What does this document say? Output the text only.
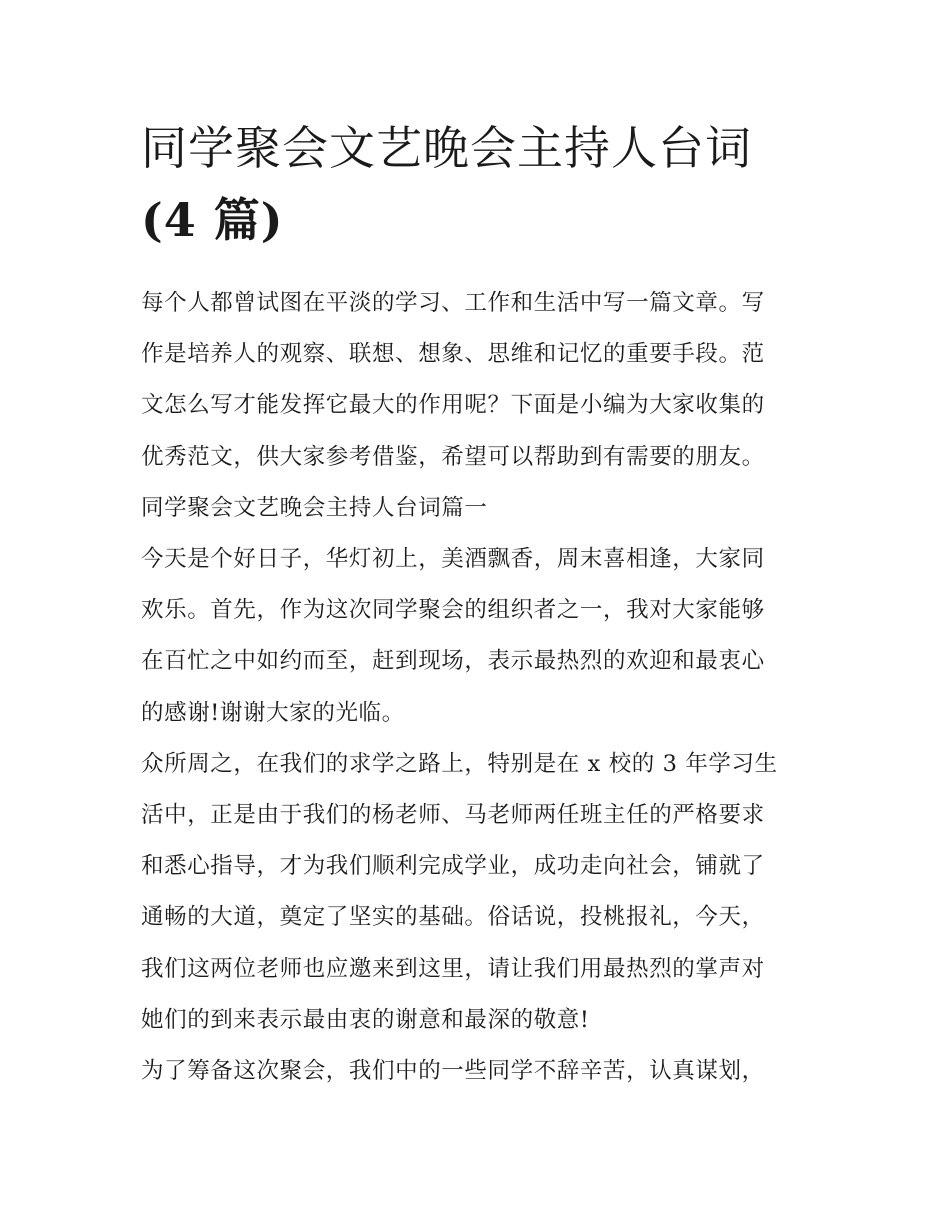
同学聚会文艺晚会主持人台词
(4 篇)
每个人都曾试图在平淡的学习、工作和生活中写一篇文章。写
作是培养人的观察、联想、想象、思维和记忆的重要手段。范
文怎么写才能发挥它最大的作用呢？下面是小编为大家收集的
优秀范文，供大家参考借鉴，希望可以帮助到有需要的朋友。
同学聚会文艺晚会主持人台词篇一
今天是个好日子，华灯初上，美酒飘香，周末喜相逢，大家同
欢乐。首先，作为这次同学聚会的组织者之一，我对大家能够
在百忙之中如约而至，赶到现场，表示最热烈的欢迎和最衷心
的感谢!谢谢大家的光临。
众所周之，在我们的求学之路上，特别是在 x 校的 3 年学习生
活中，正是由于我们的杨老师、马老师两任班主任的严格要求
和悉心指导，才为我们顺利完成学业，成功走向社会，铺就了
通畅的大道，奠定了坚实的基础。俗话说，投桃报礼，今天，
我们这两位老师也应邀来到这里，请让我们用最热烈的掌声对
她们的到来表示最由衷的谢意和最深的敬意!
为了筹备这次聚会，我们中的一些同学不辞辛苦，认真谋划，
